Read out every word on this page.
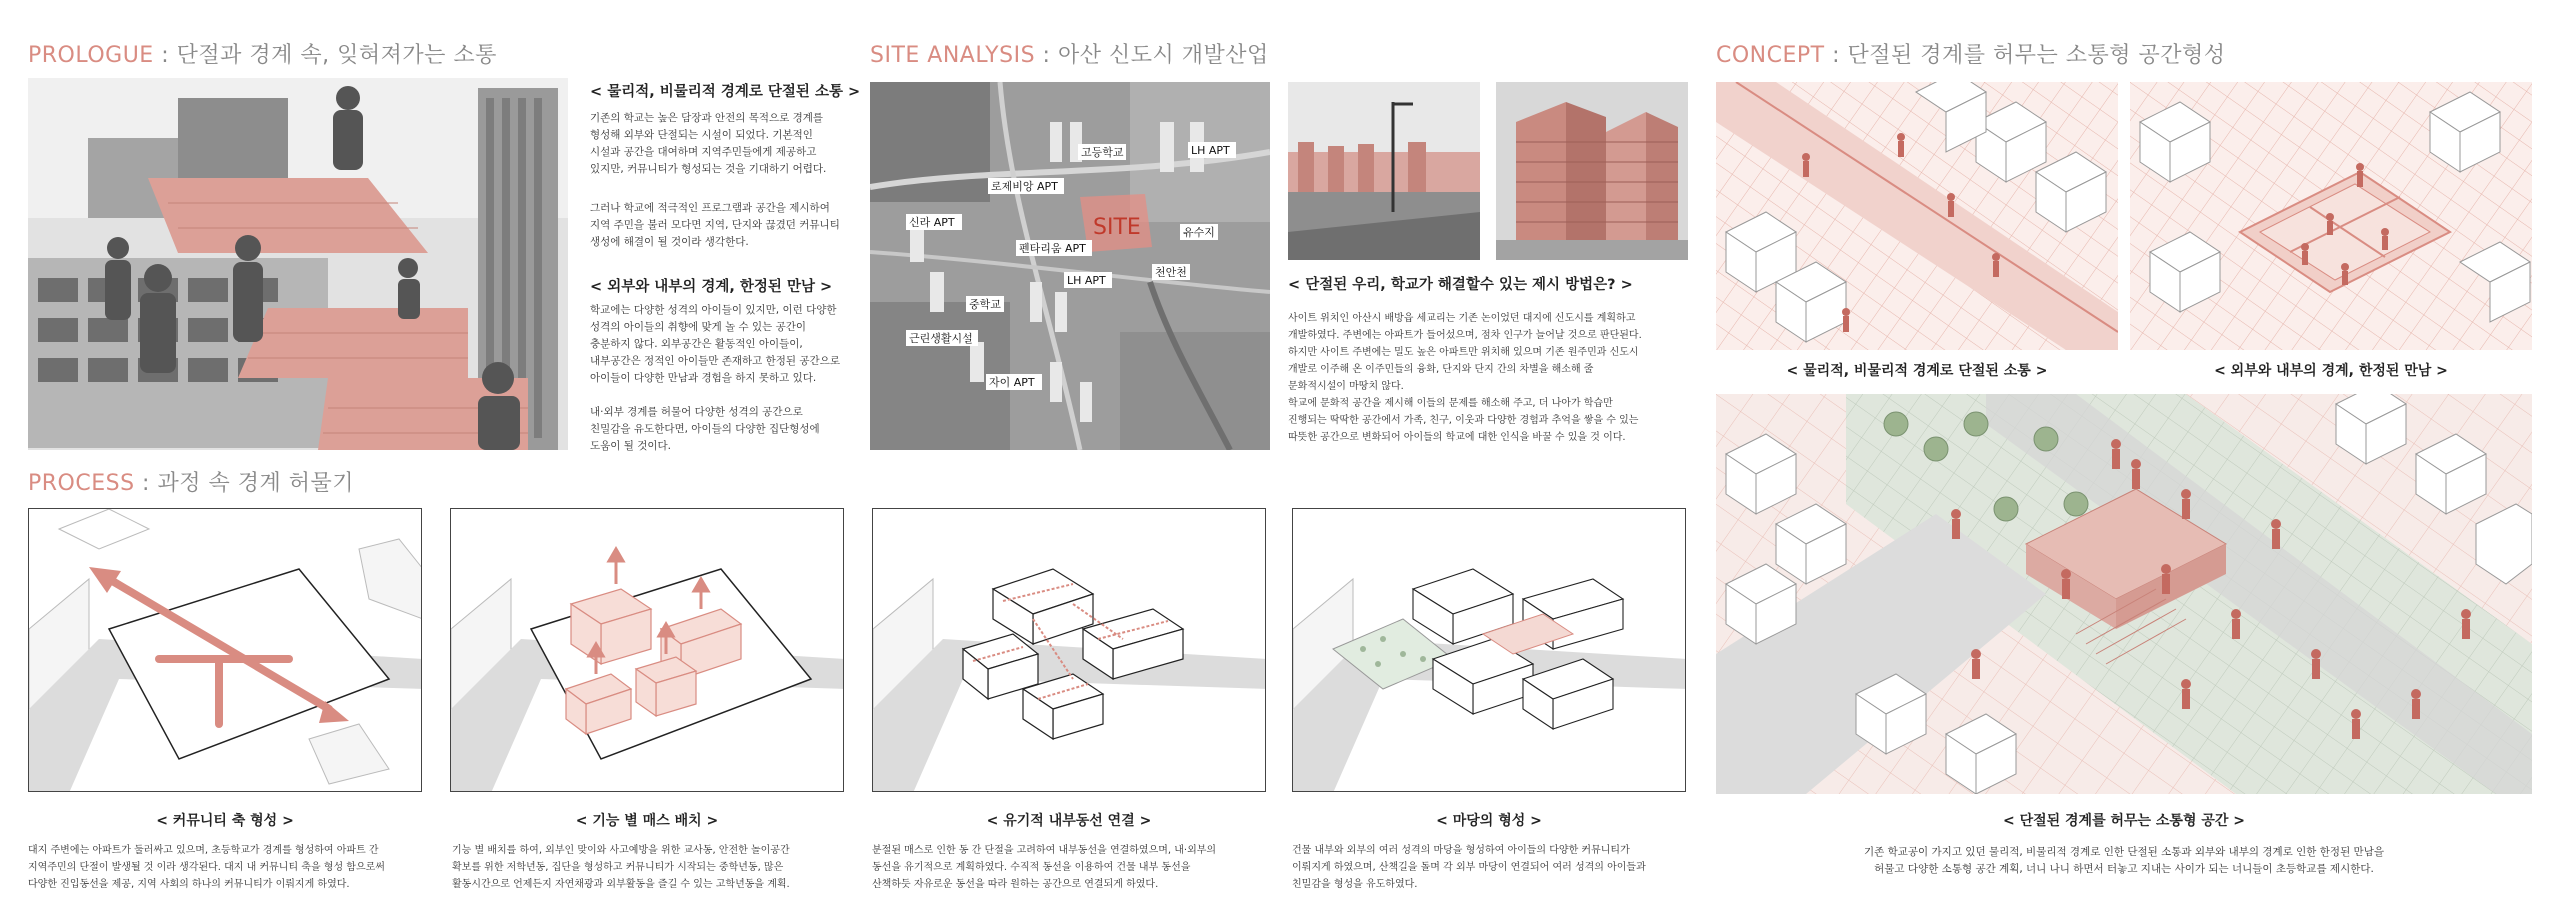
PROLOGUE : 단절과 경계 속, 잊혀져가는 소통
< 물리적, 비물리적 경계로 단절된 소통 >
기존의 학교는 높은 담장과 안전의 목적으로 경계를
형성해 외부와 단절되는 시설이 되었다. 기본적인
시설과 공간을 대여하며 지역주민들에게 제공하고
있지만, 커뮤니티가 형성되는 것을 기대하기 어렵다.
그러나 학교에 적극적인 프로그램과 공간을 제시하여
지역 주민을 불러 모다면 지역, 단지와 끊겼던 커뮤니티
생성에 해결이 될 것이라 생각한다.
< 외부와 내부의 경계, 한정된 만남 >
학교에는 다양한 성격의 아이들이 있지만, 이런 다양한
성격의 아이들의 취향에 맞게 놀 수 있는 공간이
충분하지 않다. 외부공간은 활동적인 아이들이,
내부공간은 정적인 아이들만 존재하고 한정된 공간으로
아이들이 다양한 만남과 경험을 하지 못하고 있다.
내·외부 경계를 허물어 다양한 성격의 공간으로
친밀감을 유도한다면, 아이들의 다양한 집단형성에
도움이 될 것이다.
SITE ANALYSIS : 아산 신도시 개발산업
SITE
고등학교	LH APT
로제비앙 APT
유수지
신라 APT
펜타리움 APT
LH APT
천안천
중학교
근린생활시설
자이 APT
< 단절된 우리, 학교가 해결할수 있는 제시 방법은? >
사이트 위치인 아산시 배방읍 세교리는 기존 논이었던 대지에 신도시를 계획하고
개발하였다. 주변에는 아파트가 들어섰으며, 점차 인구가 늘어날 것으로 판단된다.
하지만 사이트 주변에는 밀도 높은 아파트만 위치해 있으며 기존 원주민과 신도시
개발로 이주해 온 이주민들의 융화, 단지와 단지 간의 차별을 해소해 줄
문화적시설이 마땅치 않다.
학교에 문화적 공간을 제시해 이들의 문제를 해소해 주고, 더 나아가 학습만
진행되는 딱딱한 공간에서 가족, 친구, 이웃과 다양한 경험과 추억을 쌓을 수 있는
따뜻한 공간으로 변화되어 아이들의 학교에 대한 인식을 바꿀 수 있을 것 이다.
PROCESS : 과정 속 경계 허물기
< 커뮤니티 축 형성 >
대지 주변에는 아파트가 둘러싸고 있으며, 초등학교가 경계를 형성하여 아파트 간
지역주민의 단절이 발생될 것 이라 생각된다. 대지 내 커뮤니티 축을 형성 함으로써
다양한 진입동선을 제공, 지역 사회의 하나의 커뮤니티가 이뤄지게 하였다.
< 기능 별 매스 배치 >
기능 별 배치를 하여, 외부인 맞이와 사고예방을 위한 교사동, 안전한 놀이공간
확보를 위한 저학년동, 집단을 형성하고 커뮤니티가 시작되는 중학년동, 많은
활동시간으로 언제든지 자연채광과 외부활동을 즐길 수 있는 고학년동을 계획.
< 유기적 내부동선 연결 >
분절된 매스로 인한 동 간 단절을 고려하여 내부동선을 연결하였으며, 내·외부의
동선을 유기적으로 계획하였다. 수직적 동선을 이용하여 건물 내부 동선을
산책하듯 자유로운 동선을 따라 원하는 공간으로 연결되게 하였다.
< 마당의 형성 >
건물 내부와 외부의 여러 성격의 마당을 형성하여 아이들의 다양한 커뮤니티가
이뤄지게 하였으며, 산책길을 돌며 각 외부 마당이 연결되어 여러 성격의 아이들과
친밀감을 형성을 유도하였다.
CONCEPT : 단절된 경계를 허무는 소통형 공간형성
< 물리적, 비물리적 경계로 단절된 소통 >	< 외부와 내부의 경계, 한정된 만남 >
< 단절된 경계를 허무는 소통형 공간 >
기존 학교공이 가지고 있던 물리적, 비물리적 경계로 인한 단절된 소통과 외부와 내부의 경계로 인한 한정된 만남을
허물고 다양한 소통형 공간 계획, 너니 나니 하면서 터놓고 지내는 사이가 되는 너니들이 초등학교를 제시한다.
